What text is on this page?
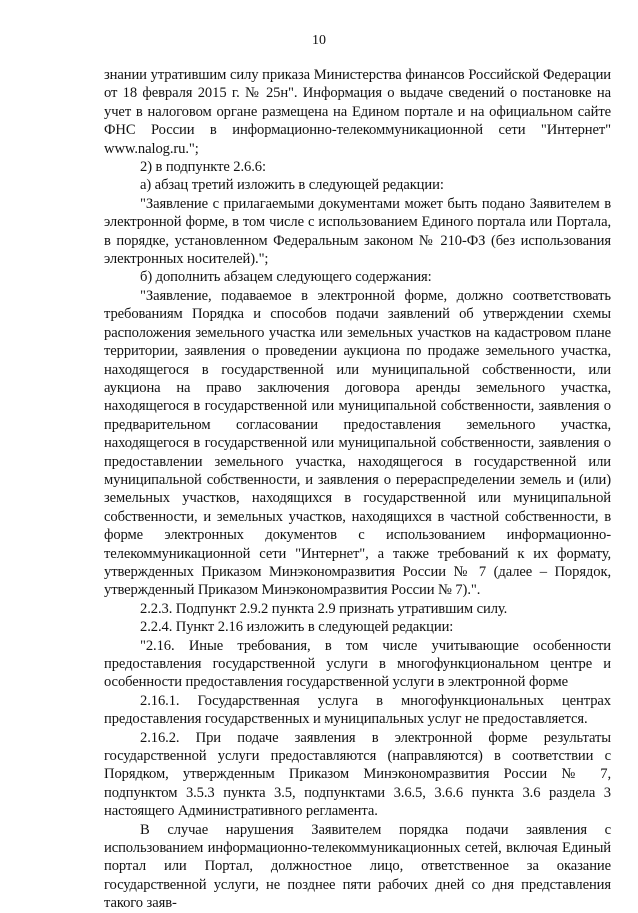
10

знании утратившим силу приказа Министерства финансов Российской Федерации от 18 февраля 2015 г. № 25н". Информация о выдаче сведений о постановке на учет в налоговом органе размещена на Едином портале и на официальном сайте ФНС России в информационно-телекоммуникационной сети "Интернет" www.nalog.ru.";

2) в подпункте 2.6.6:

а) абзац третий изложить в следующей редакции:

"Заявление с прилагаемыми документами может быть подано Заявителем в электронной форме, в том числе с использованием Единого портала или Портала, в порядке, установленном Федеральным законом № 210-ФЗ (без использования электронных носителей).";

б) дополнить абзацем следующего содержания:

"Заявление, подаваемое в электронной форме, должно соответствовать требованиям Порядка и способов подачи заявлений об утверждении схемы расположения земельного участка или земельных участков на кадастровом плане территории, заявления о проведении аукциона по продаже земельного участка, находящегося в государственной или муниципальной собственности, или аукциона на право заключения договора аренды земельного участка, находящегося в государственной или муниципальной собственности, заявления о предварительном согласовании предоставления земельного участка, находящегося в государственной или муниципальной собственности, заявления о предоставлении земельного участка, находящегося в государственной или муниципальной собственности, и заявления о перераспределении земель и (или) земельных участков, находящихся в государственной или муниципальной собственности, и земельных участков, находящихся в частной собственности, в форме электронных документов с использованием информационно-телекоммуникационной сети "Интернет", а также требований к их формату, утвержденных Приказом Минэкономразвития России № 7 (далее – Порядок, утвержденный Приказом Минэкономразвития России № 7).".

2.2.3. Подпункт 2.9.2 пункта 2.9 признать утратившим силу.

2.2.4. Пункт 2.16 изложить в следующей редакции:

"2.16. Иные требования, в том числе учитывающие особенности предоставления государственной услуги в многофункциональном центре и особенности предоставления государственной услуги в электронной форме

2.16.1. Государственная услуга в многофункциональных центрах предоставления государственных и муниципальных услуг не предоставляется.

2.16.2. При подаче заявления в электронной форме результаты государственной услуги предоставляются (направляются) в соответствии с Порядком, утвержденным Приказом Минэкономразвития России № 7, подпунктом 3.5.3 пункта 3.5, подпунктами 3.6.5, 3.6.6 пункта 3.6 раздела 3 настоящего Административного регламента.

В случае нарушения Заявителем порядка подачи заявления с использованием информационно-телекоммуникационных сетей, включая Единый портал или Портал, должностное лицо, ответственное за оказание государственной услуги, не позднее пяти рабочих дней со дня представления такого заяв-
